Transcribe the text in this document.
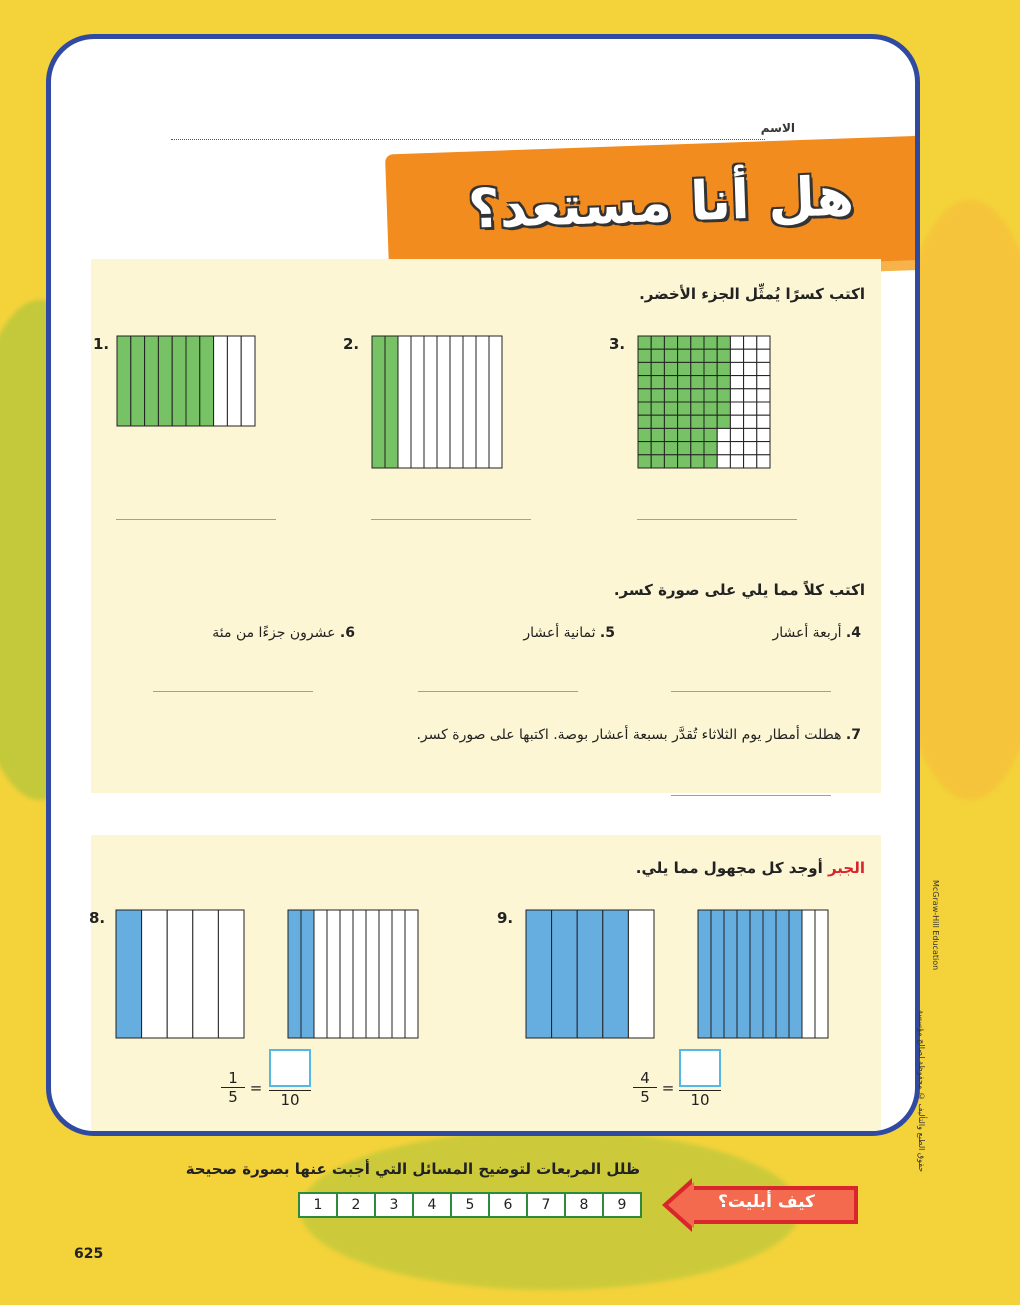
الاسم
هل أنا مستعد؟
اكتب كسرًا يُمثِّل الجزء الأخضر.
1.	2.	3.
اكتب كلاً مما يلي على صورة كسر.
4. أربعة أعشار
5. ثمانية أعشار
6. عشرون جزءًا من مئة
7. هطلت أمطار يوم الثلاثاء تُقدَّر بسبعة أعشار بوصة. اكتبها على صورة كسر.
الجبر أوجد كل مجهول مما يلي.
8.
$\frac{1}{5}$ =
10
9.
$\frac{4}{5}$ =
10
McGraw-Hill Education
حقوق الطبع والتأليف © محفوظة لصالح مؤسسة
كيف أبليت؟
ظلل المربعات لتوضيح المسائل التي أجبت عنها بصورة صحيحة
1	2	3	4	5	6	7	8	9
625
